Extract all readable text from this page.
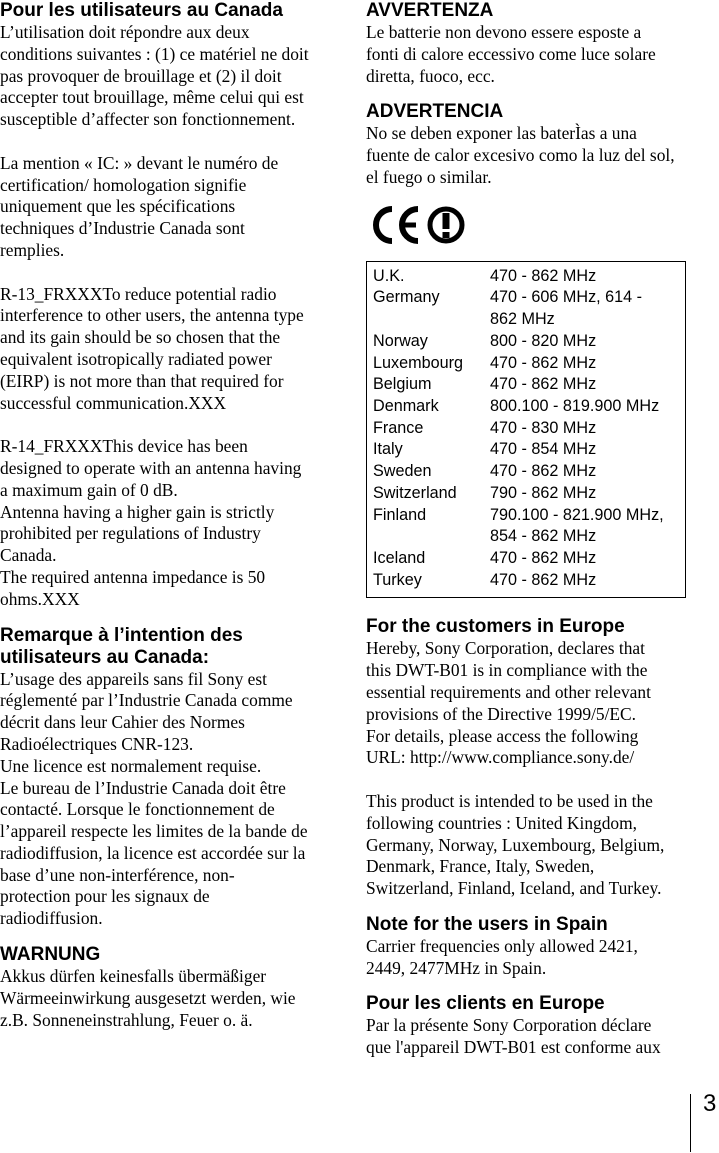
Pour les utilisateurs au Canada

L’utilisation doit répondre aux deux

conditions suivantes : (1) ce matériel ne doit

pas provoquer de brouillage et (2) il doit

accepter tout brouillage, même celui qui est

susceptible d’affecter son fonctionnement.

La mention « IC: » devant le numéro de

certification/ homologation signifie

uniquement que les spécifications

techniques d’Industrie Canada sont

remplies.

R-13_FRXXXTo reduce potential radio

interference to other users, the antenna type

and its gain should be so chosen that the

equivalent isotropically radiated power

(EIRP) is not more than that required for

successful communication.XXX

R-14_FRXXXThis device has been

designed to operate with an antenna having

a maximum gain of 0 dB.

Antenna having a higher gain is strictly

prohibited per regulations of Industry

Canada.

The required antenna impedance is 50

ohms.XXX

Remarque à l’intention des
utilisateurs au Canada:

L’usage des appareils sans fil Sony est

réglementé par l’Industrie Canada comme

décrit dans leur Cahier des Normes

Radioélectriques CNR-123.

Une licence est normalement requise.

Le bureau de l’Industrie Canada doit être

contacté. Lorsque le fonctionnement de

l’appareil respecte les limites de la bande de

radiodiffusion, la licence est accordée sur la

base d’une non-interférence, non-

protection pour les signaux de

radiodiffusion.

WARNUNG

Akkus dürfen keinesfalls übermäßiger

Wärmeeinwirkung ausgesetzt werden, wie

z.B. Sonneneinstrahlung, Feuer o. ä.

AVVERTENZA

Le batterie non devono essere esposte a

fonti di calore eccessivo come luce solare

diretta, fuoco, ecc.

ADVERTENCIA

No se deben exponer las baterÌas a una

fuente de calor excesivo como la luz del sol,

el fuego o similar.

U.K.	470 - 862 MHz
Germany	470 - 606 MHz, 614 -
862 MHz
Norway	800 - 820 MHz
Luxembourg	470 - 862 MHz
Belgium	470 - 862 MHz
Denmark	800.100 - 819.900 MHz
France	470 - 830 MHz
Italy	470 - 854 MHz
Sweden	470 - 862 MHz
Switzerland	790 - 862 MHz
Finland	790.100 - 821.900 MHz,
854 - 862 MHz
Iceland	470 - 862 MHz
Turkey	470 - 862 MHz
For the customers in Europe

Hereby, Sony Corporation, declares that

this DWT-B01 is in compliance with the

essential requirements and other relevant

provisions of the Directive 1999/5/EC.

For details, please access the following

URL: http://www.compliance.sony.de/

This product is intended to be used in the

following countries : United Kingdom,

Germany, Norway, Luxembourg, Belgium,

Denmark, France, Italy, Sweden,

Switzerland, Finland, Iceland, and Turkey.

Note for the users in Spain

Carrier frequencies only allowed 2421,

2449, 2477MHz in Spain.

Pour les clients en Europe

Par la présente Sony Corporation déclare

que l'appareil DWT-B01 est conforme aux

3
